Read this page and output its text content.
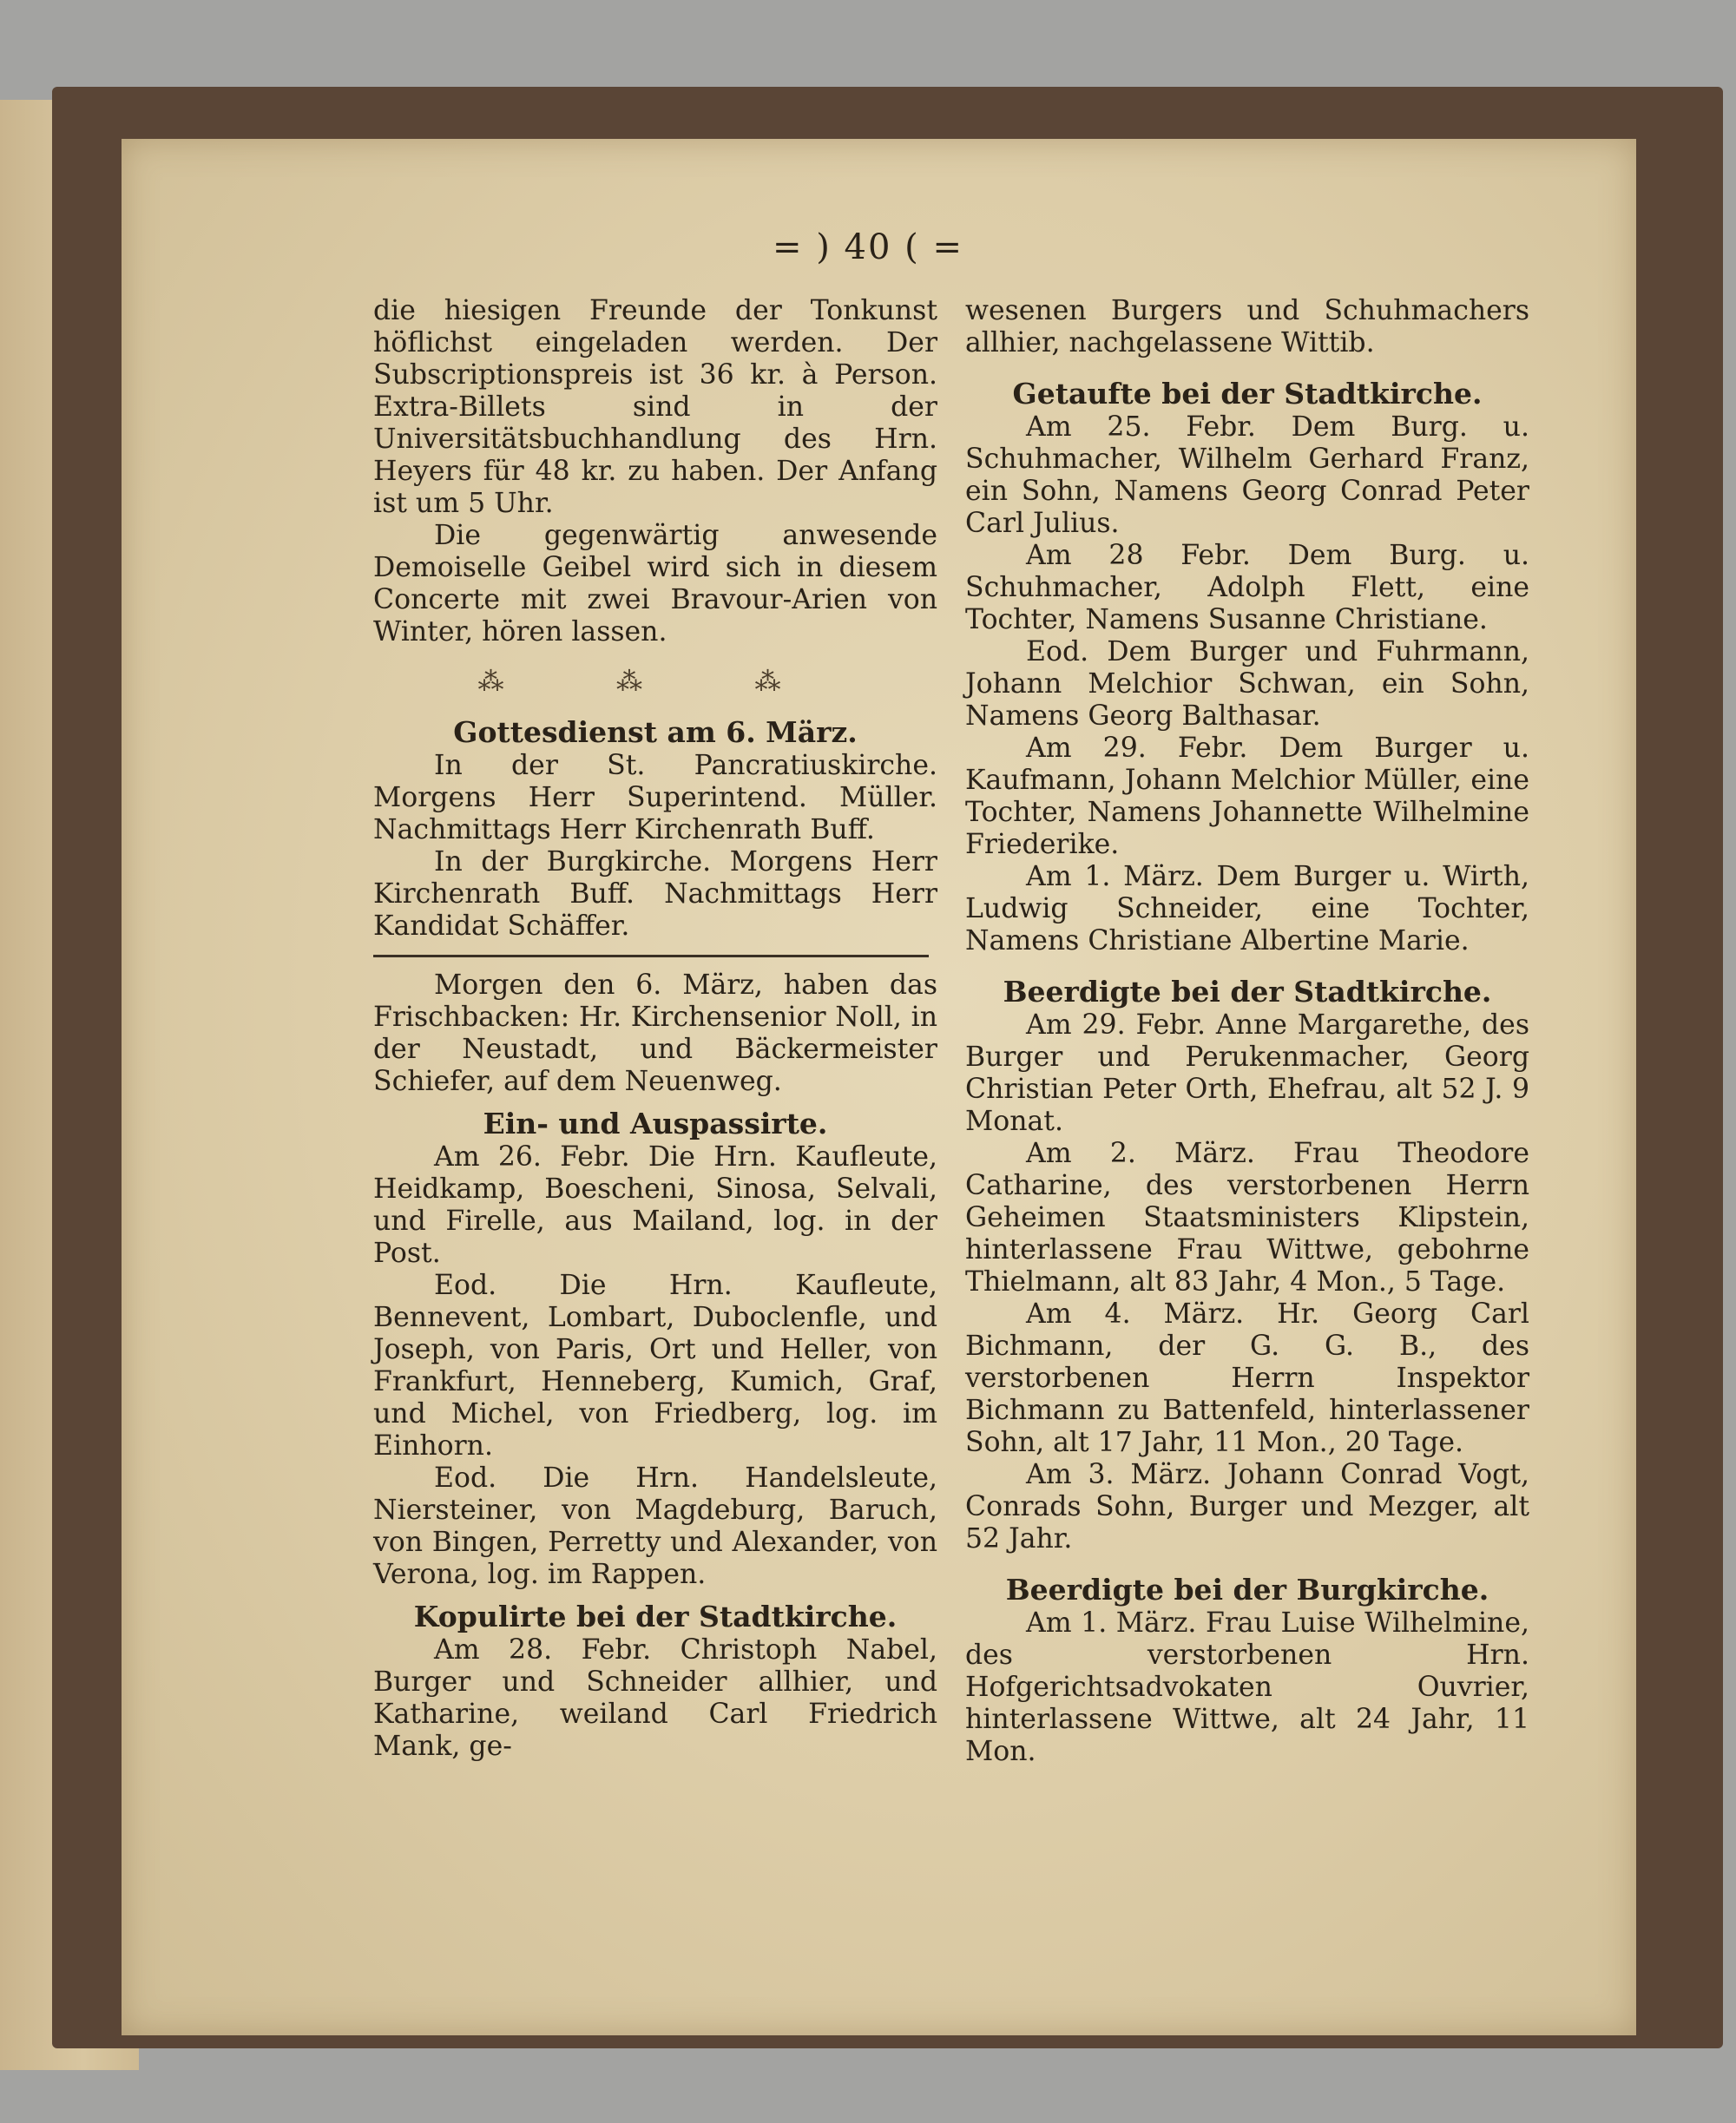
= ) 40 ( =

die hiesigen Freunde der Tonkunst höflichst eingeladen werden. Der Subscriptionspreis ist 36 kr. à Person. Extra-Billets sind in der Universitätsbuchhandlung des Hrn. Heyers für 48 kr. zu haben. Der Anfang ist um 5 Uhr.

Die gegenwärtig anwesende Demoiselle Geibel wird sich in diesem Concerte mit zwei Bravour-Arien von Winter, hören lassen.

⁂ ⁂ ⁂
Gottesdienst am 6. März.

In der St. Pancratiuskirche. Morgens Herr Superintend. Müller. Nachmittags Herr Kirchenrath Buff.

In der Burgkirche. Morgens Herr Kirchenrath Buff. Nachmittags Herr Kandidat Schäffer.

Morgen den 6. März, haben das Frischbacken: Hr. Kirchensenior Noll, in der Neustadt, und Bäckermeister Schiefer, auf dem Neuenweg.

Ein- und Auspassirte.

Am 26. Febr. Die Hrn. Kaufleute, Heidkamp, Boescheni, Sinosa, Selvali, und Firelle, aus Mailand, log. in der Post.

Eod. Die Hrn. Kaufleute, Bennevent, Lombart, Duboclenfle, und Joseph, von Paris, Ort und Heller, von Frankfurt, Henneberg, Kumich, Graf, und Michel, von Friedberg, log. im Einhorn.

Eod. Die Hrn. Handelsleute, Niersteiner, von Magdeburg, Baruch, von Bingen, Perretty und Alexander, von Verona, log. im Rappen.

Kopulirte bei der Stadtkirche.

Am 28. Febr. Christoph Nabel, Burger und Schneider allhier, und Katharine, weiland Carl Friedrich Mank, ge-

wesenen Burgers und Schuhmachers allhier, nachgelassene Wittib.

Getaufte bei der Stadtkirche.

Am 25. Febr. Dem Burg. u. Schuhmacher, Wilhelm Gerhard Franz, ein Sohn, Namens Georg Conrad Peter Carl Julius.

Am 28 Febr. Dem Burg. u. Schuhmacher, Adolph Flett, eine Tochter, Namens Susanne Christiane.

Eod. Dem Burger und Fuhrmann, Johann Melchior Schwan, ein Sohn, Namens Georg Balthasar.

Am 29. Febr. Dem Burger u. Kaufmann, Johann Melchior Müller, eine Tochter, Namens Johannette Wilhelmine Friederike.

Am 1. März. Dem Burger u. Wirth, Ludwig Schneider, eine Tochter, Namens Christiane Albertine Marie.

Beerdigte bei der Stadtkirche.

Am 29. Febr. Anne Margarethe, des Burger und Perukenmacher, Georg Christian Peter Orth, Ehefrau, alt 52 J. 9 Monat.

Am 2. März. Frau Theodore Catharine, des verstorbenen Herrn Geheimen Staatsministers Klipstein, hinterlassene Frau Wittwe, gebohrne Thielmann, alt 83 Jahr, 4 Mon., 5 Tage.

Am 4. März. Hr. Georg Carl Bichmann, der G. G. B., des verstorbenen Herrn Inspektor Bichmann zu Battenfeld, hinterlassener Sohn, alt 17 Jahr, 11 Mon., 20 Tage.

Am 3. März. Johann Conrad Vogt, Conrads Sohn, Burger und Mezger, alt 52 Jahr.

Beerdigte bei der Burgkirche.

Am 1. März. Frau Luise Wilhelmine, des verstorbenen Hrn. Hofgerichtsadvokaten Ouvrier, hinterlassene Wittwe, alt 24 Jahr, 11 Mon.
